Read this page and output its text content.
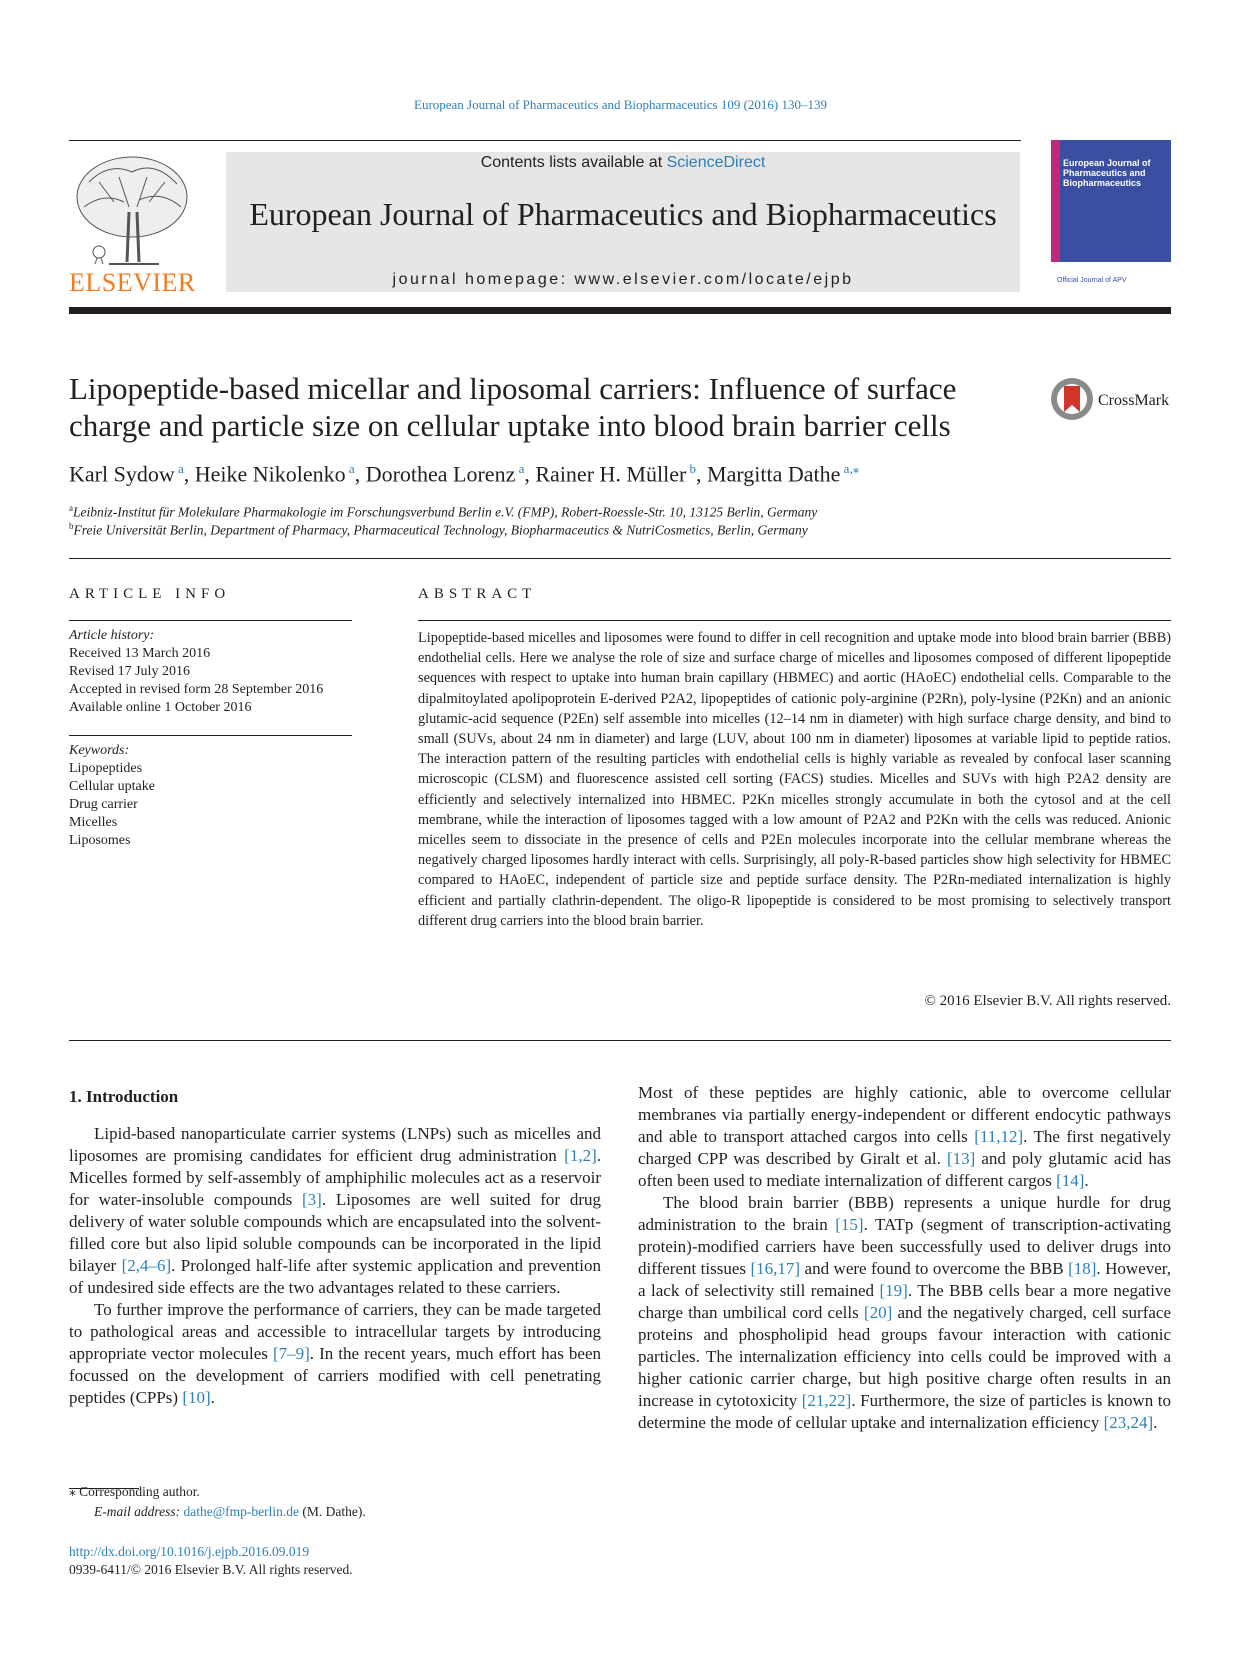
European Journal of Pharmaceutics and Biopharmaceutics 109 (2016) 130–139
ELSEVIER
Contents lists available at ScienceDirect
European Journal of Pharmaceutics and Biopharmaceutics
journal homepage: www.elsevier.com/locate/ejpb
European Journal of Pharmaceutics and Biopharmaceutics
Official Journal of APV
Lipopeptide-based micellar and liposomal carriers: Influence of surface charge and particle size on cellular uptake into blood brain barrier cells
CrossMark
Karl Sydow $^a$, Heike Nikolenko $^a$, Dorothea Lorenz $^a$, Rainer H. Müller $^b$, Margitta Dathe $^{a,⁎}$
$^a$Leibniz-Institut für Molekulare Pharmakologie im Forschungsverbund Berlin e.V. (FMP), Robert-Roessle-Str. 10, 13125 Berlin, Germany
$^b$Freie Universität Berlin, Department of Pharmacy, Pharmaceutical Technology, Biopharmaceutics & NutriCosmetics, Berlin, Germany
ARTICLE INFO
Article history:
Received 13 March 2016
Revised 17 July 2016
Accepted in revised form 28 September 2016
Available online 1 October 2016
Keywords:
Lipopeptides
Cellular uptake
Drug carrier
Micelles
Liposomes
ABSTRACT
Lipopeptide-based micelles and liposomes were found to differ in cell recognition and uptake mode into blood brain barrier (BBB) endothelial cells. Here we analyse the role of size and surface charge of micelles and liposomes composed of different lipopeptide sequences with respect to uptake into human brain capillary (HBMEC) and aortic (HAoEC) endothelial cells. Comparable to the dipalmitoylated apolipoprotein E-derived P2A2, lipopeptides of cationic poly-arginine (P2Rn), poly-lysine (P2Kn) and an anionic glutamic-acid sequence (P2En) self assemble into micelles (12–14 nm in diameter) with high surface charge density, and bind to small (SUVs, about 24 nm in diameter) and large (LUV, about 100 nm in diameter) liposomes at variable lipid to peptide ratios. The interaction pattern of the resulting particles with endothelial cells is highly variable as revealed by confocal laser scanning microscopic (CLSM) and fluorescence assisted cell sorting (FACS) studies. Micelles and SUVs with high P2A2 density are efficiently and selectively internalized into HBMEC. P2Kn micelles strongly accumulate in both the cytosol and at the cell membrane, while the interaction of liposomes tagged with a low amount of P2A2 and P2Kn with the cells was reduced. Anionic micelles seem to dissociate in the presence of cells and P2En molecules incorporate into the cellular membrane whereas the negatively charged liposomes hardly interact with cells. Surprisingly, all poly-R-based particles show high selectivity for HBMEC compared to HAoEC, independent of particle size and peptide surface density. The P2Rn-mediated internalization is highly efficient and partially clathrin-dependent. The oligo-R lipopeptide is considered to be most promising to selectively transport different drug carriers into the blood brain barrier.
© 2016 Elsevier B.V. All rights reserved.
1. Introduction

Lipid-based nanoparticulate carrier systems (LNPs) such as micelles and liposomes are promising candidates for efficient drug administration [1,2]. Micelles formed by self-assembly of amphiphilic molecules act as a reservoir for water-insoluble compounds [3]. Liposomes are well suited for drug delivery of water soluble compounds which are encapsulated into the solvent-filled core but also lipid soluble compounds can be incorporated in the lipid bilayer [2,4–6]. Prolonged half-life after systemic application and prevention of undesired side effects are the two advantages related to these carriers.

To further improve the performance of carriers, they can be made targeted to pathological areas and accessible to intracellular targets by introducing appropriate vector molecules [7–9]. In the recent years, much effort has been focussed on the development of carriers modified with cell penetrating peptides (CPPs) [10].

Most of these peptides are highly cationic, able to overcome cellular membranes via partially energy-independent or different endocytic pathways and able to transport attached cargos into cells [11,12]. The first negatively charged CPP was described by Giralt et al. [13] and poly glutamic acid has often been used to mediate internalization of different cargos [14].

The blood brain barrier (BBB) represents a unique hurdle for drug administration to the brain [15]. TATp (segment of transcription-activating protein)-modified carriers have been successfully used to deliver drugs into different tissues [16,17] and were found to overcome the BBB [18]. However, a lack of selectivity still remained [19]. The BBB cells bear a more negative charge than umbilical cord cells [20] and the negatively charged, cell surface proteins and phospholipid head groups favour interaction with cationic particles. The internalization efficiency into cells could be improved with a higher cationic carrier charge, but high positive charge often results in an increase in cytotoxicity [21,22]. Furthermore, the size of particles is known to determine the mode of cellular uptake and internalization efficiency [23,24].

⁎ Corresponding author.
E-mail address: dathe@fmp-berlin.de (M. Dathe).
http://dx.doi.org/10.1016/j.ejpb.2016.09.019
0939-6411/© 2016 Elsevier B.V. All rights reserved.
